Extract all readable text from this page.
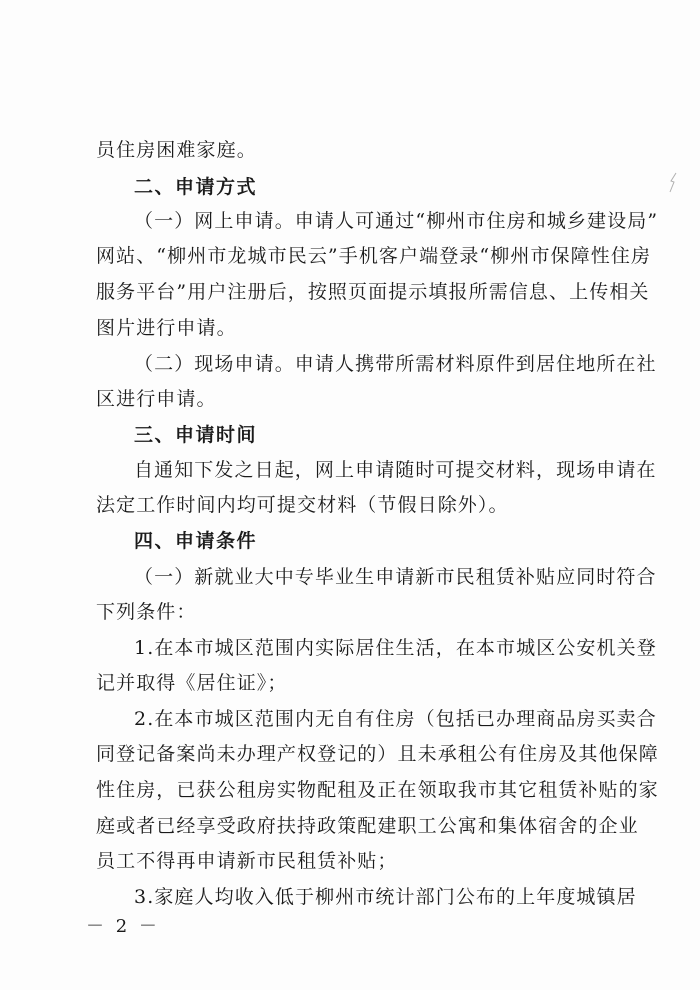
员住房困难家庭。
二、申请方式
（一）网上申请。申请人可通过“柳州市住房和城乡建设局”
网站、“柳州市龙城市民云”手机客户端登录“柳州市保障性住房
服务平台”用户注册后，按照页面提示填报所需信息、上传相关
图片进行申请。
（二）现场申请。申请人携带所需材料原件到居住地所在社
区进行申请。
三、申请时间
自通知下发之日起，网上申请随时可提交材料，现场申请在
法定工作时间内均可提交材料（节假日除外）。
四、申请条件
（一）新就业大中专毕业生申请新市民租赁补贴应同时符合
下列条件：
1.在本市城区范围内实际居住生活，在本市城区公安机关登
记并取得《居住证》；
2.在本市城区范围内无自有住房（包括已办理商品房买卖合
同登记备案尚未办理产权登记的）且未承租公有住房及其他保障
性住房，已获公租房实物配租及正在领取我市其它租赁补贴的家
庭或者已经享受政府扶持政策配建职工公寓和集体宿舍的企业
员工不得再申请新市民租赁补贴；
3.家庭人均收入低于柳州市统计部门公布的上年度城镇居
－ 2 －
